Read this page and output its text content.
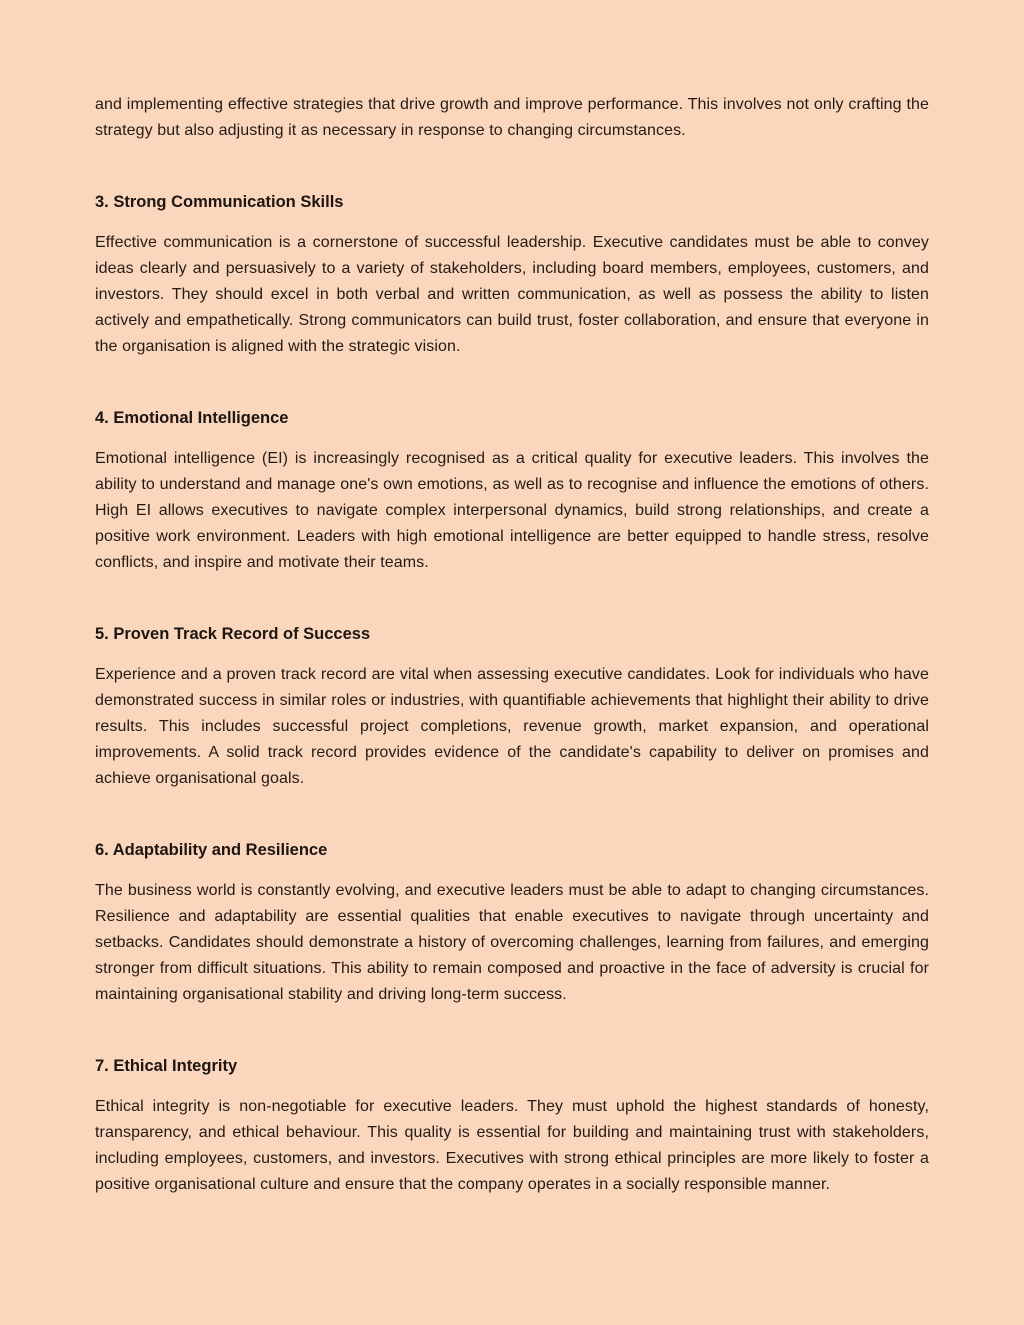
and implementing effective strategies that drive growth and improve performance. This involves not only crafting the strategy but also adjusting it as necessary in response to changing circumstances.

3. Strong Communication Skills

Effective communication is a cornerstone of successful leadership. Executive candidates must be able to convey ideas clearly and persuasively to a variety of stakeholders, including board members, employees, customers, and investors. They should excel in both verbal and written communication, as well as possess the ability to listen actively and empathetically. Strong communicators can build trust, foster collaboration, and ensure that everyone in the organisation is aligned with the strategic vision.

4. Emotional Intelligence

Emotional intelligence (EI) is increasingly recognised as a critical quality for executive leaders. This involves the ability to understand and manage one's own emotions, as well as to recognise and influence the emotions of others. High EI allows executives to navigate complex interpersonal dynamics, build strong relationships, and create a positive work environment. Leaders with high emotional intelligence are better equipped to handle stress, resolve conflicts, and inspire and motivate their teams.

5. Proven Track Record of Success

Experience and a proven track record are vital when assessing executive candidates. Look for individuals who have demonstrated success in similar roles or industries, with quantifiable achievements that highlight their ability to drive results. This includes successful project completions, revenue growth, market expansion, and operational improvements. A solid track record provides evidence of the candidate's capability to deliver on promises and achieve organisational goals.

6. Adaptability and Resilience

The business world is constantly evolving, and executive leaders must be able to adapt to changing circumstances. Resilience and adaptability are essential qualities that enable executives to navigate through uncertainty and setbacks. Candidates should demonstrate a history of overcoming challenges, learning from failures, and emerging stronger from difficult situations. This ability to remain composed and proactive in the face of adversity is crucial for maintaining organisational stability and driving long-term success.

7. Ethical Integrity

Ethical integrity is non-negotiable for executive leaders. They must uphold the highest standards of honesty, transparency, and ethical behaviour. This quality is essential for building and maintaining trust with stakeholders, including employees, customers, and investors. Executives with strong ethical principles are more likely to foster a positive organisational culture and ensure that the company operates in a socially responsible manner.
